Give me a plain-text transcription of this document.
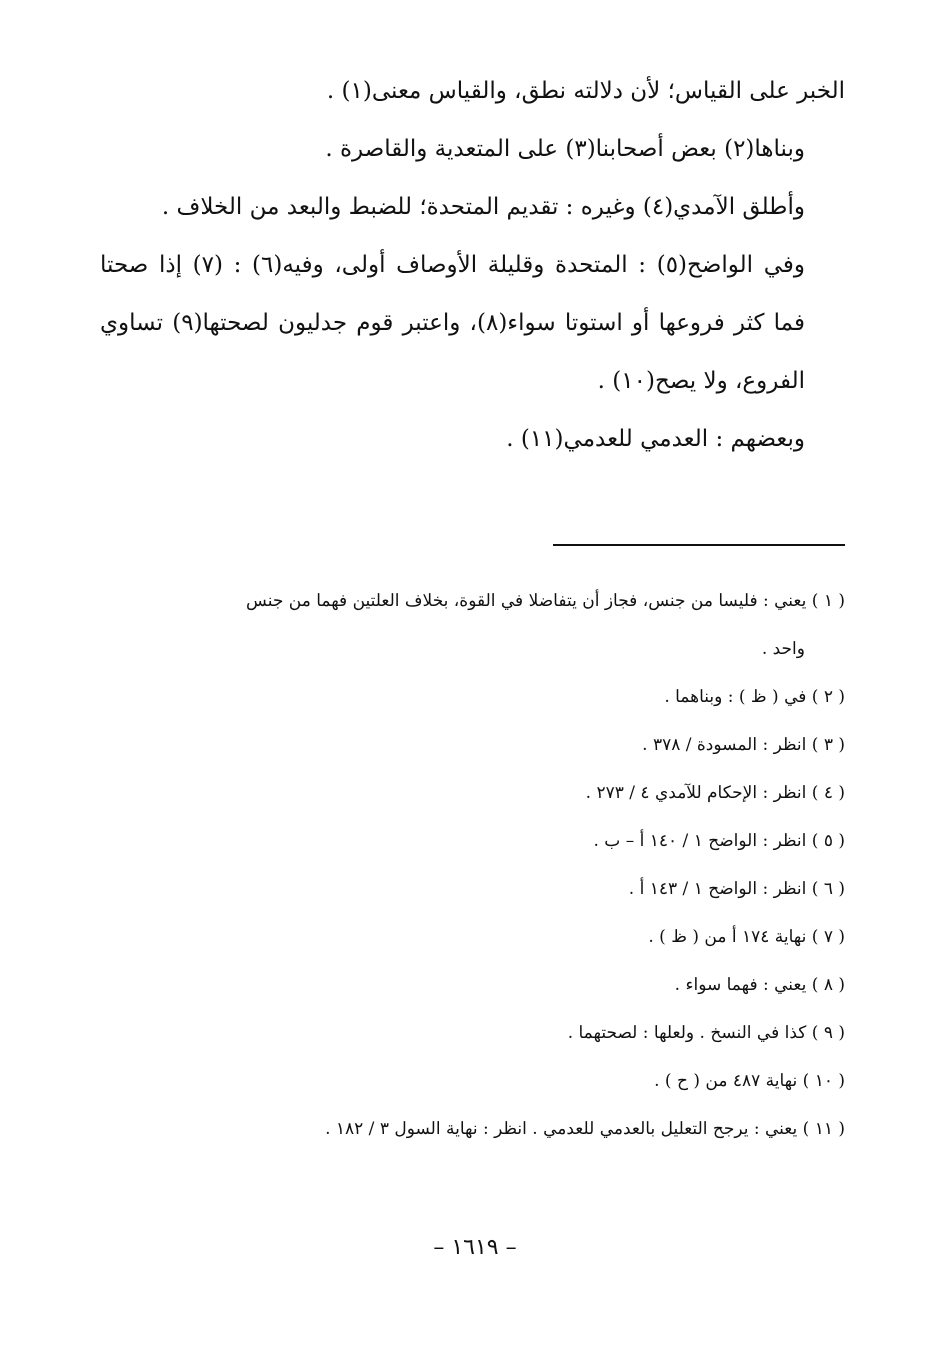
الخبر على القياس؛ لأن دلالته نطق، والقياس معنى(١) .

وبناها(٢) بعض أصحابنا(٣) على المتعدية والقاصرة .

وأطلق الآمدي(٤) وغيره : تقديم المتحدة؛ للضبط والبعد من الخلاف .

وفي الواضح(٥) : المتحدة وقليلة الأوصاف أولى، وفيه(٦) : (٧) إذا صحتا فما كثر فروعها أو استوتا سواء(٨)، واعتبر قوم جدليون لصحتها(٩) تساوي الفروع، ولا يصح(١٠) .

وبعضهم : العدمي للعدمي(١١) .

( ١ ) يعني : فليسا من جنس، فجاز أن يتفاضلا في القوة، بخلاف العلتين فهما من جنس
واحد .
( ٢ ) في ( ظ ) : وبناهما .
( ٣ ) انظر : المسودة / ٣٧٨ .
( ٤ ) انظر : الإحكام للآمدي ٤ / ٢٧٣ .
( ٥ ) انظر : الواضح ١ / ١٤٠ أ – ب .
( ٦ ) انظر : الواضح ١ / ١٤٣ أ .
( ٧ ) نهاية ١٧٤ أ من ( ظ ) .
( ٨ ) يعني : فهما سواء .
( ٩ ) كذا في النسخ . ولعلها : لصحتهما .
( ١٠ ) نهاية ٤٨٧ من ( ح ) .
( ١١ ) يعني : يرجح التعليل بالعدمي للعدمي . انظر : نهاية السول ٣ / ١٨٢ .
– ١٦١٩ –
